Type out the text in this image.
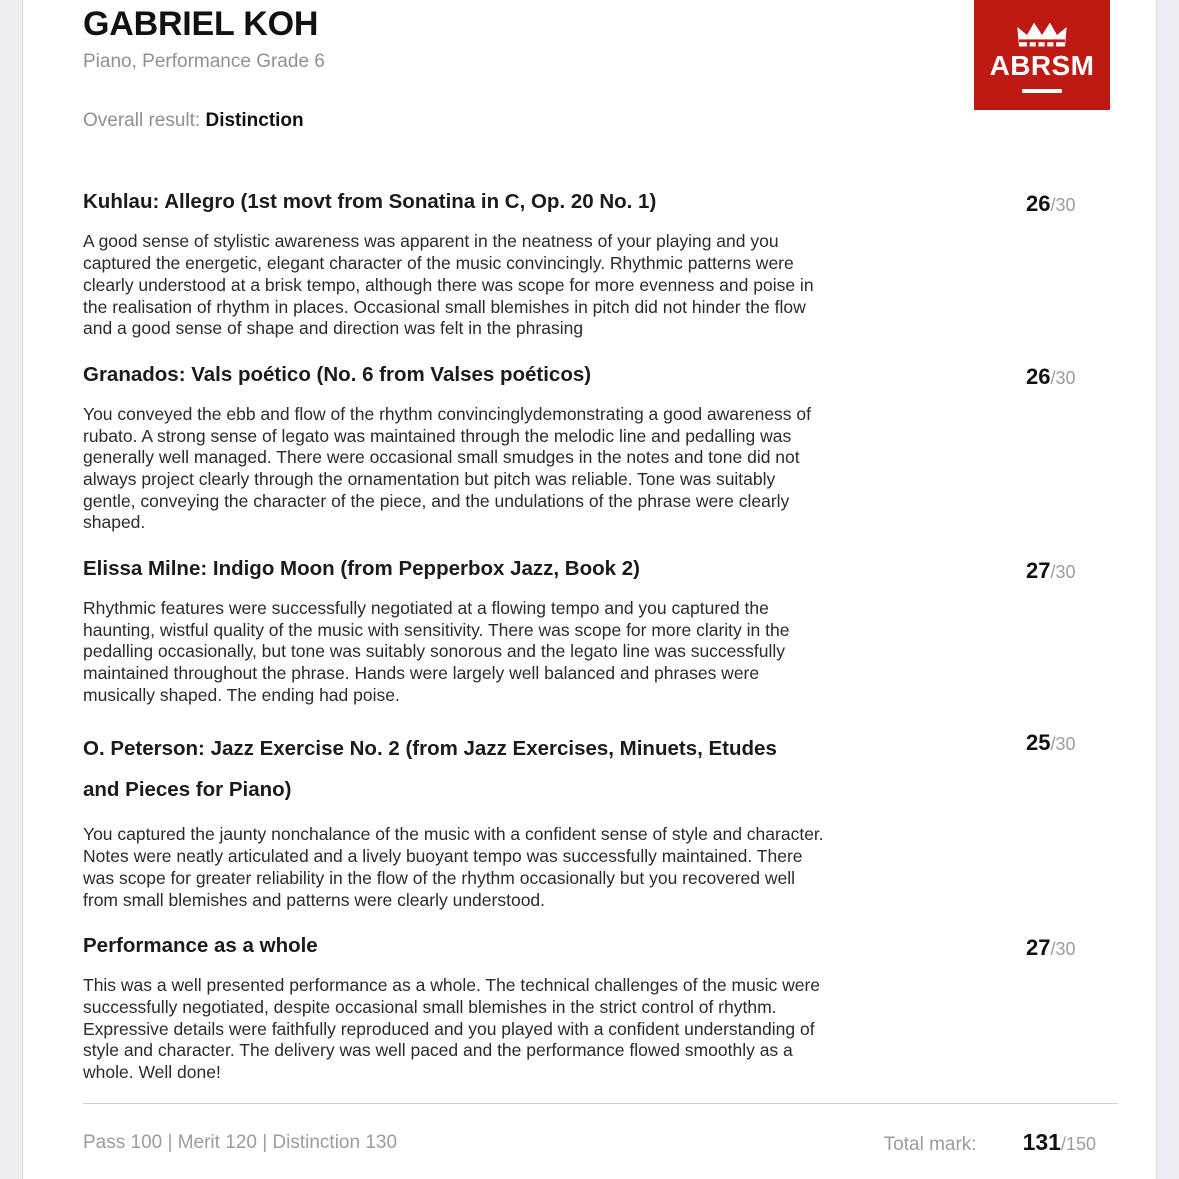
GABRIEL KOH
Piano, Performance Grade 6
Overall result: Distinction
ABRSM
Kuhlau: Allegro (1st movt from Sonatina in C, Op. 20 No. 1)	26/30
A good sense of stylistic awareness was apparent in the neatness of your playing and you captured the energetic, elegant character of the music convincingly. Rhythmic patterns were clearly understood at a brisk tempo, although there was scope for more evenness and poise in the realisation of rhythm in places. Occasional small blemishes in pitch did not hinder the flow and a good sense of shape and direction was felt in the phrasing
Granados: Vals poético (No. 6 from Valses poéticos)	26/30
You conveyed the ebb and flow of the rhythm convincinglydemonstrating a good awareness of rubato. A strong sense of legato was maintained through the melodic line and pedalling was generally well managed. There were occasional small smudges in the notes and tone did not always project clearly through the ornamentation but pitch was reliable. Tone was suitably gentle, conveying the character of the piece, and the undulations of the phrase were clearly shaped.
Elissa Milne: Indigo Moon (from Pepperbox Jazz, Book 2)	27/30
Rhythmic features were successfully negotiated at a flowing tempo and you captured the haunting, wistful quality of the music with sensitivity. There was scope for more clarity in the pedalling occasionally, but tone was suitably sonorous and the legato line was successfully maintained throughout the phrase. Hands were largely well balanced and phrases were musically shaped. The ending had poise.
O. Peterson: Jazz Exercise No. 2 (from Jazz Exercises, Minuets, Etudes and Pieces for Piano)
25/30
You captured the jaunty nonchalance of the music with a confident sense of style and character. Notes were neatly articulated and a lively buoyant tempo was successfully maintained. There was scope for greater reliability in the flow of the rhythm occasionally but you recovered well from small blemishes and patterns were clearly understood.
Performance as a whole	27/30
This was a well presented performance as a whole. The technical challenges of the music were successfully negotiated, despite occasional small blemishes in the strict control of rhythm. Expressive details were faithfully reproduced and you played with a confident understanding of style and character. The delivery was well paced and the performance flowed smoothly as a whole. Well done!
Pass 100 | Merit 120 | Distinction 130	Total mark: 131/150
